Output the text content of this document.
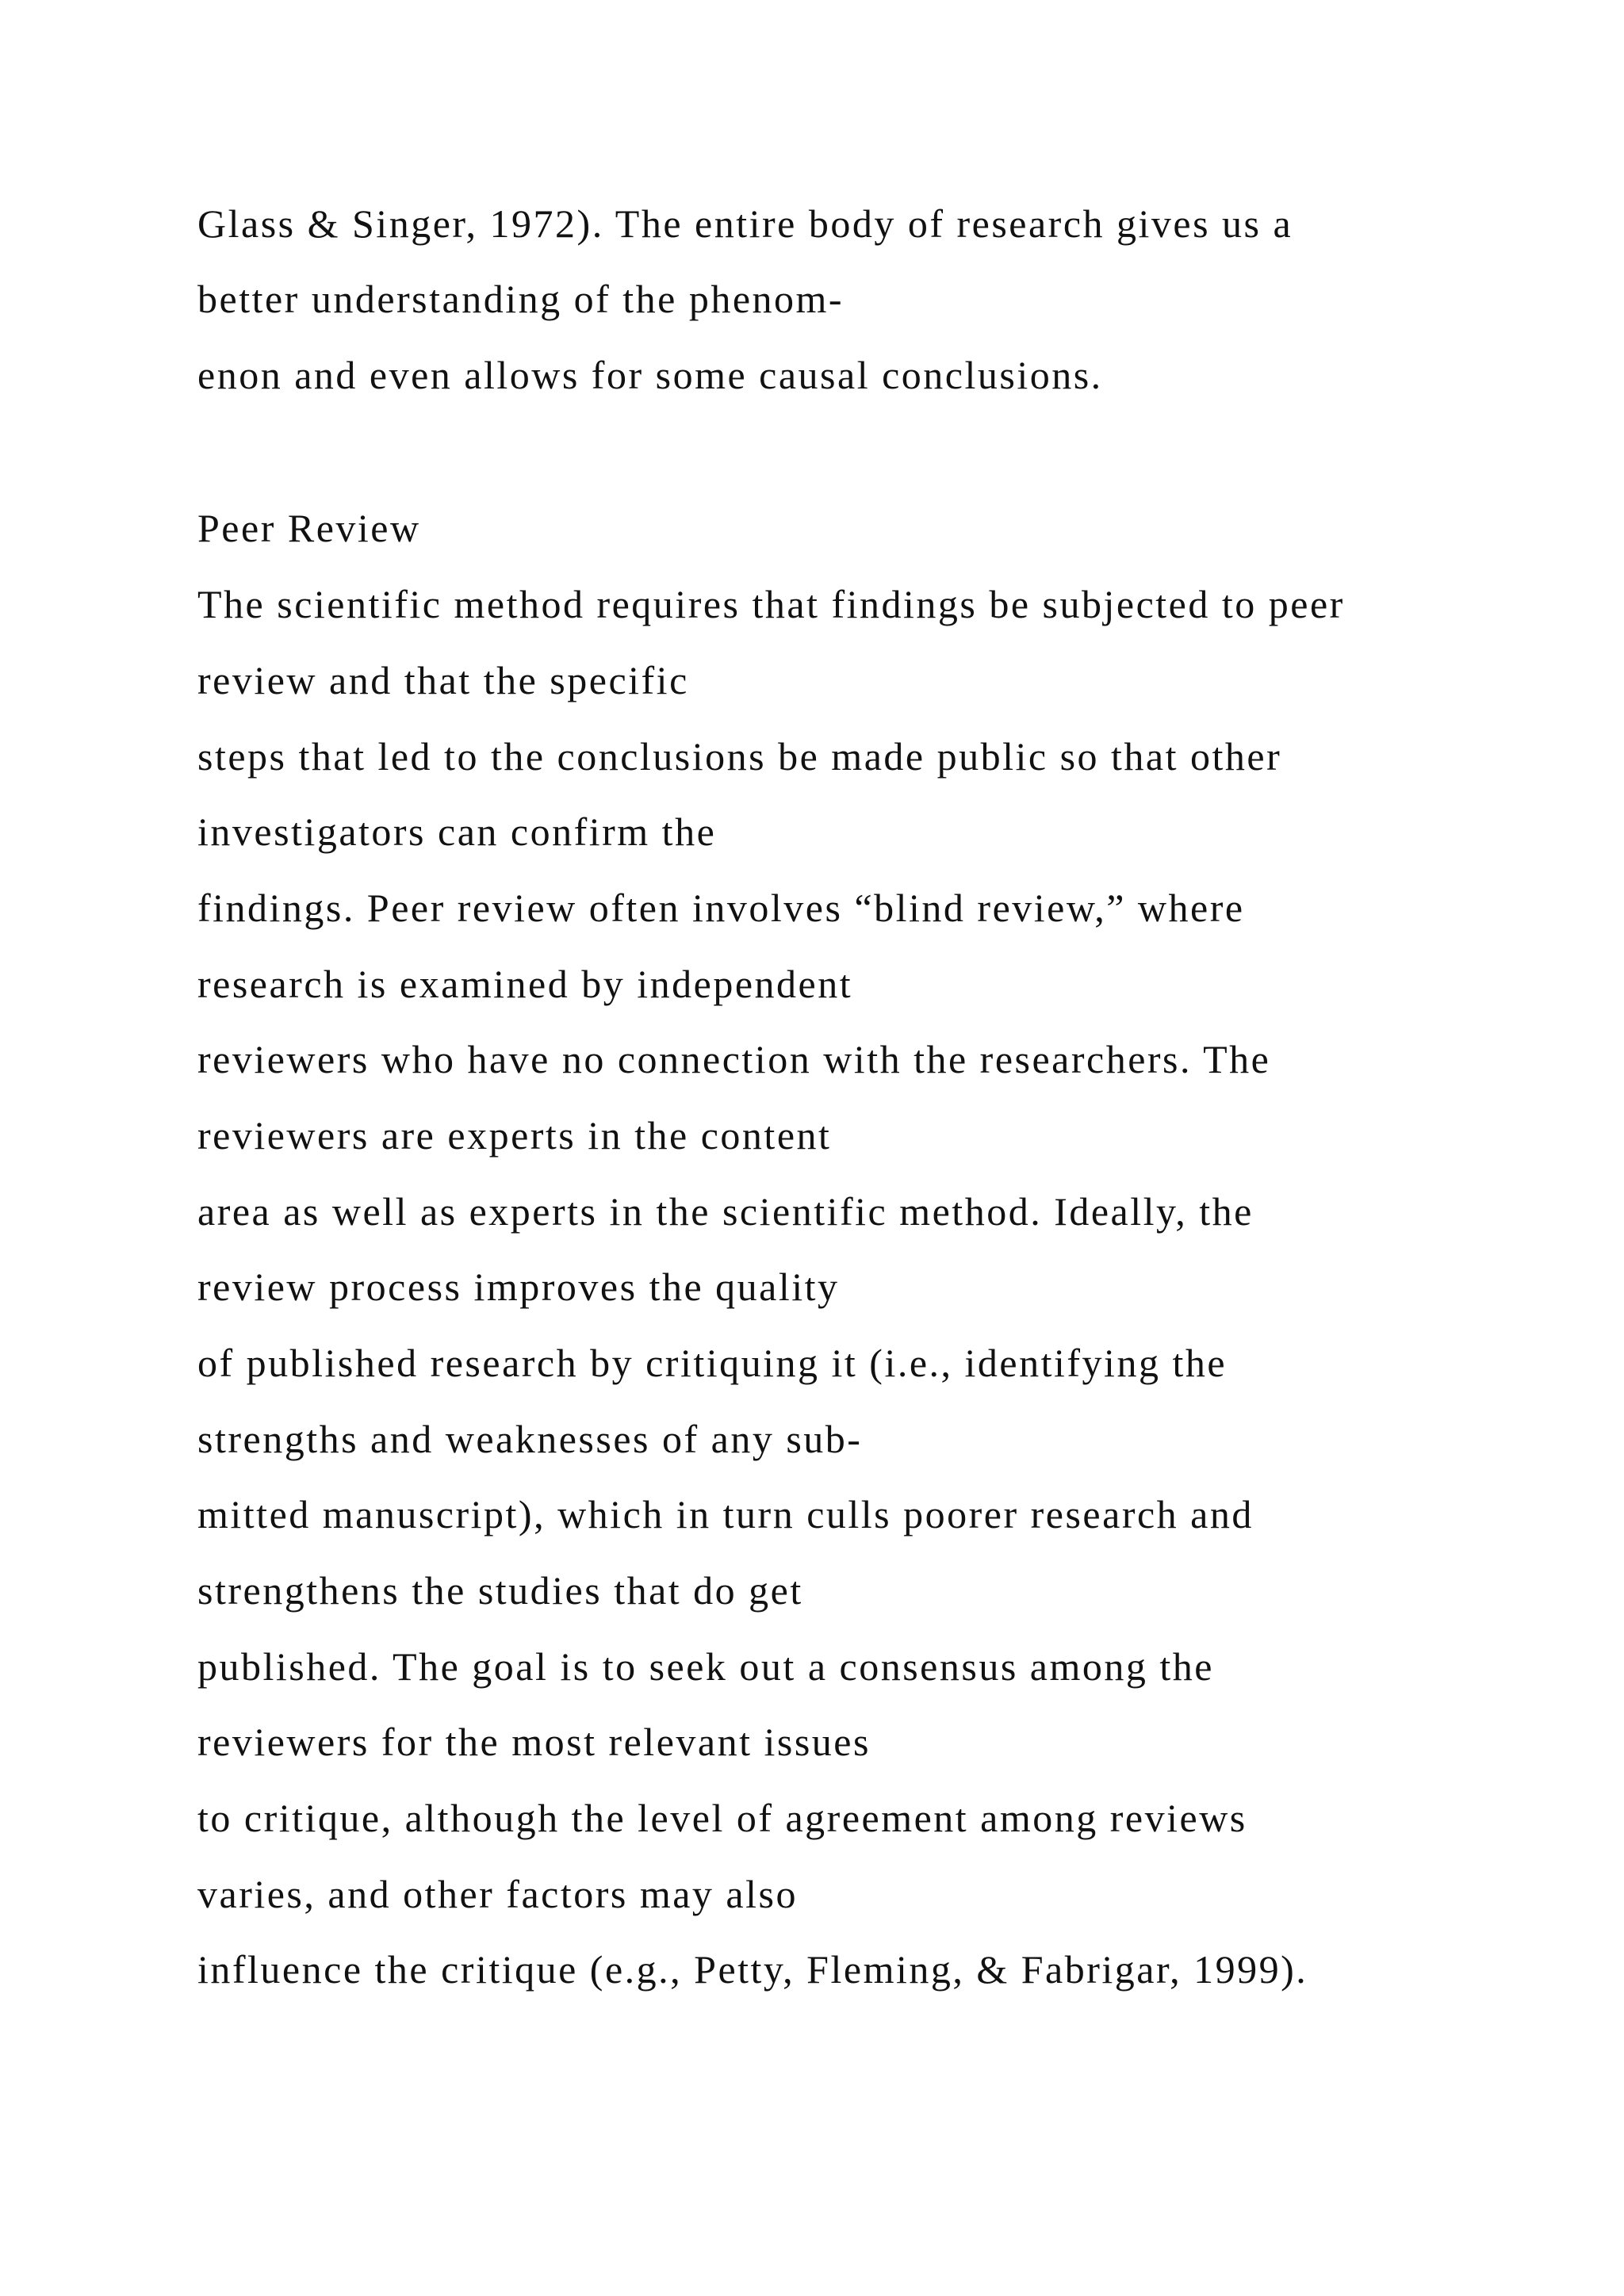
Glass & Singer, 1972). The entire body of research gives us a

better understanding of the phenom-

enon and even allows for some causal conclusions.

Peer Review

The scientific method requires that findings be subjected to peer

review and that the specific

steps that led to the conclusions be made public so that other

investigators can confirm the

findings. Peer review often involves “blind review,” where

research is examined by independent

reviewers who have no connection with the researchers. The

reviewers are experts in the content

area as well as experts in the scientific method. Ideally, the

review process improves the quality

of published research by critiquing it (i.e., identifying the

strengths and weaknesses of any sub-

mitted manuscript), which in turn culls poorer research and

strengthens the studies that do get

published. The goal is to seek out a consensus among the

reviewers for the most relevant issues

to critique, although the level of agreement among reviews

varies, and other factors may also

influence the critique (e.g., Petty, Fleming, & Fabrigar, 1999).
